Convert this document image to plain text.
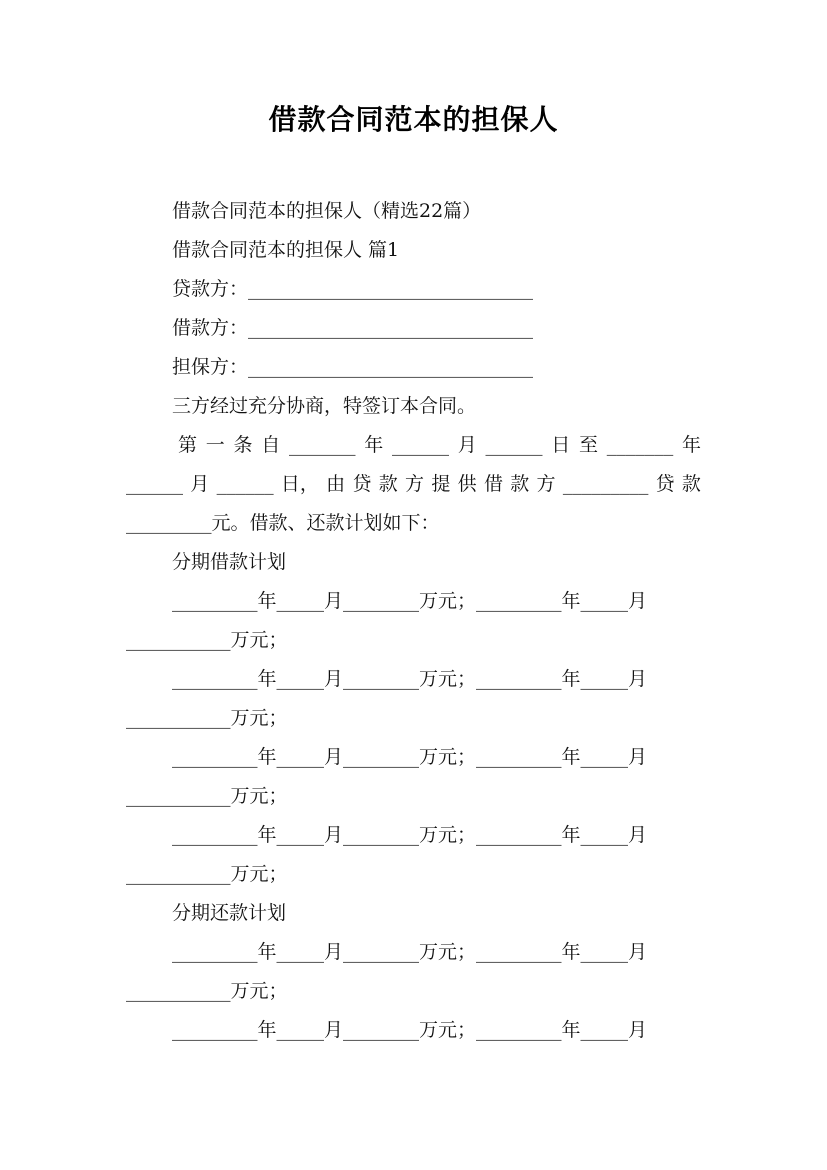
借款合同范本的担保人
借款合同范本的担保人（精选22篇）
借款合同范本的担保人 篇1
贷款方：______________________________
借款方：______________________________
担保方：______________________________
三方经过充分协商，特签订本合同。
第 一 条 自 _______ 年 ______ 月 ______ 日 至 _______ 年
______ 月 ______ 日， 由 贷 款 方 提 供 借 款 方 _________ 贷 款
_________元。借款、还款计划如下：
分期借款计划
_________年_____月________万元；_________年_____月
___________万元；
_________年_____月________万元；_________年_____月
___________万元；
_________年_____月________万元；_________年_____月
___________万元；
_________年_____月________万元；_________年_____月
___________万元；
分期还款计划
_________年_____月________万元；_________年_____月
___________万元；
_________年_____月________万元；_________年_____月
